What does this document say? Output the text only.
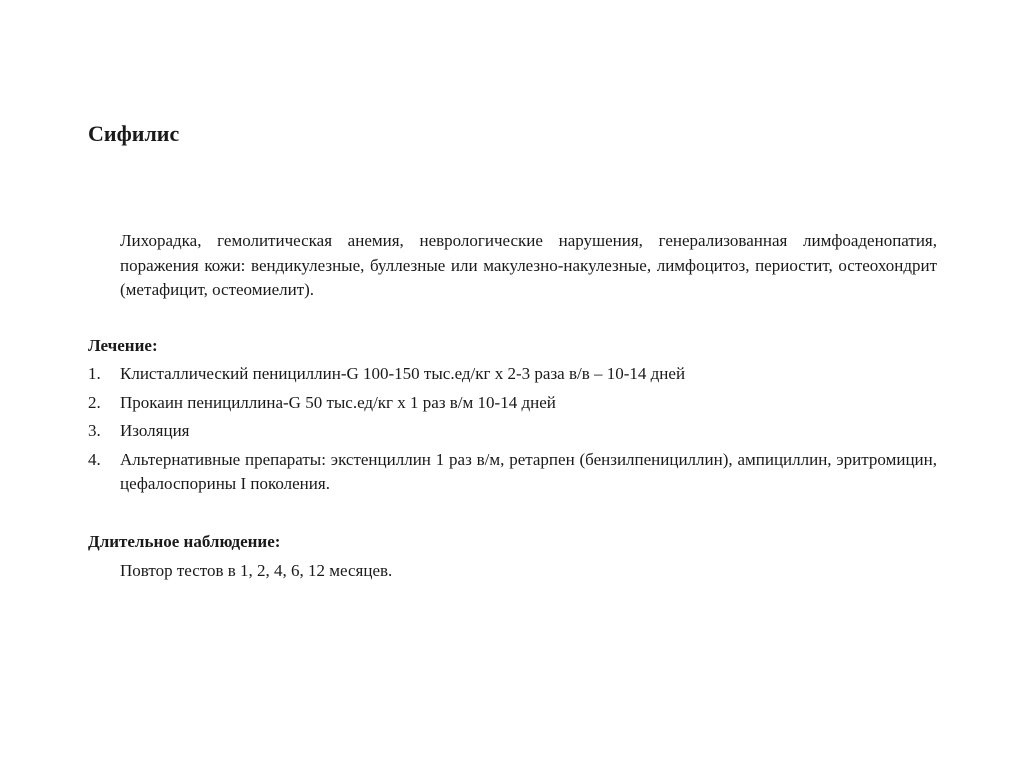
Сифилис

Лихорадка, гемолитическая анемия, неврологические нарушения, генерализованная лимфоаденопатия, поражения кожи: вендикулезные, буллезные или макулезно-накулезные, лимфоцитоз, периостит, остеохондрит (метафицит, остеомиелит).

Лечение:
1.	Клисталлический пенициллин-G 100-150 тыс.ед/кг х 2-3 раза в/в – 10-14 дней
2.	Прокаин пенициллина-G 50 тыс.ед/кг х 1 раз в/м 10-14 дней
3.	Изоляция
4.	Альтернативные препараты: экстенциллин 1 раз в/м, ретарпен (бензилпенициллин), ампициллин, эритромицин, цефалоспорины I поколения.
Длительное наблюдение:

Повтор тестов в 1, 2, 4, 6, 12 месяцев.
